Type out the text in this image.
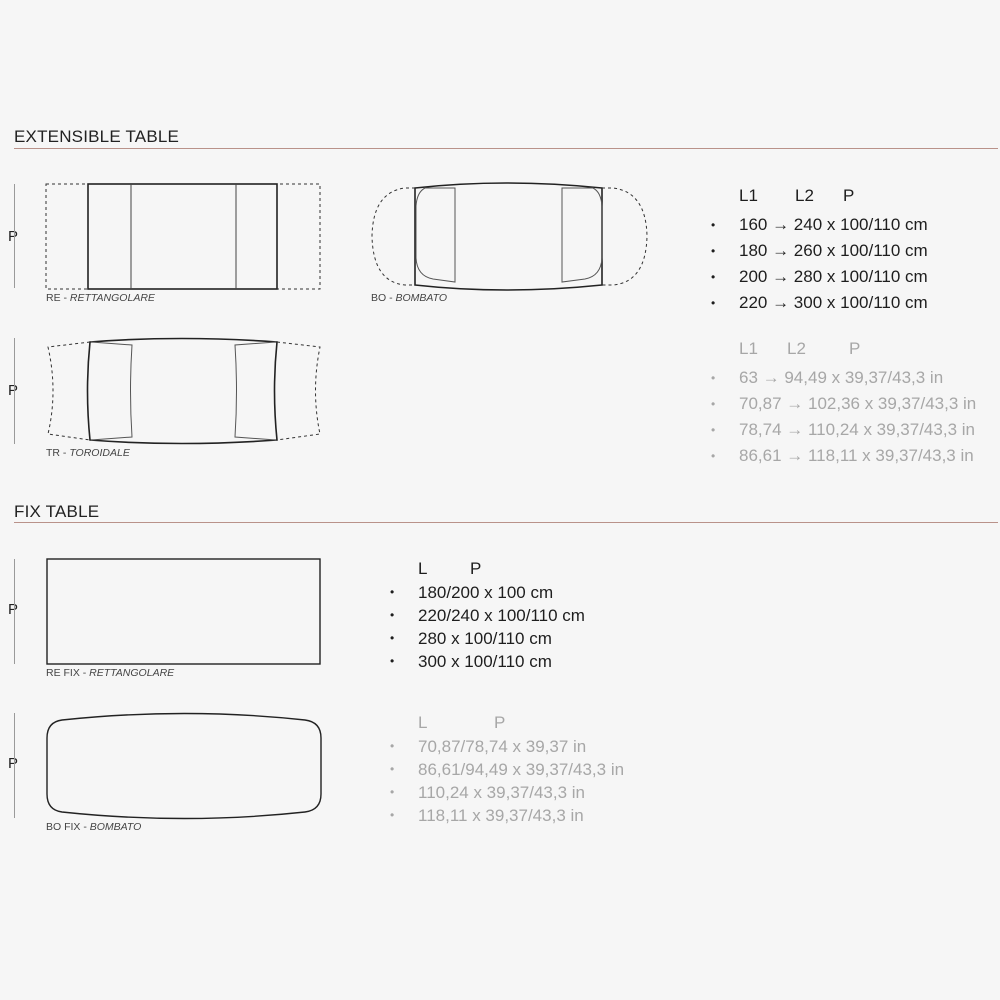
EXTENSIBLE TABLE
P
RE - RETTANGOLARE	BO - BOMBATO
P
TR - TOROIDALE
L1 L2 P
• 160 → 240 x 100/110 cm
• 180 → 260 x 100/110 cm
• 200 → 280 x 100/110 cm
• 220 → 300 x 100/110 cm
L1 L2	P
• 63 → 94,49 x 39,37/43,3 in
• 70,87 → 102,36 x 39,37/43,3 in
• 78,74 → 110,24 x 39,37/43,3 in
• 86,61 → 118,11 x 39,37/43,3 in
FIX TABLE
P
RE FIX - RETTANGOLARE
P
BO FIX - BOMBATO
L	P
• 180/200 x 100 cm
• 220/240 x 100/110 cm
• 280 x 100/110 cm
• 300 x 100/110 cm
L	P
• 70,87/78,74 x 39,37 in
• 86,61/94,49 x 39,37/43,3 in
• 110,24 x 39,37/43,3 in
• 118,11 x 39,37/43,3 in
